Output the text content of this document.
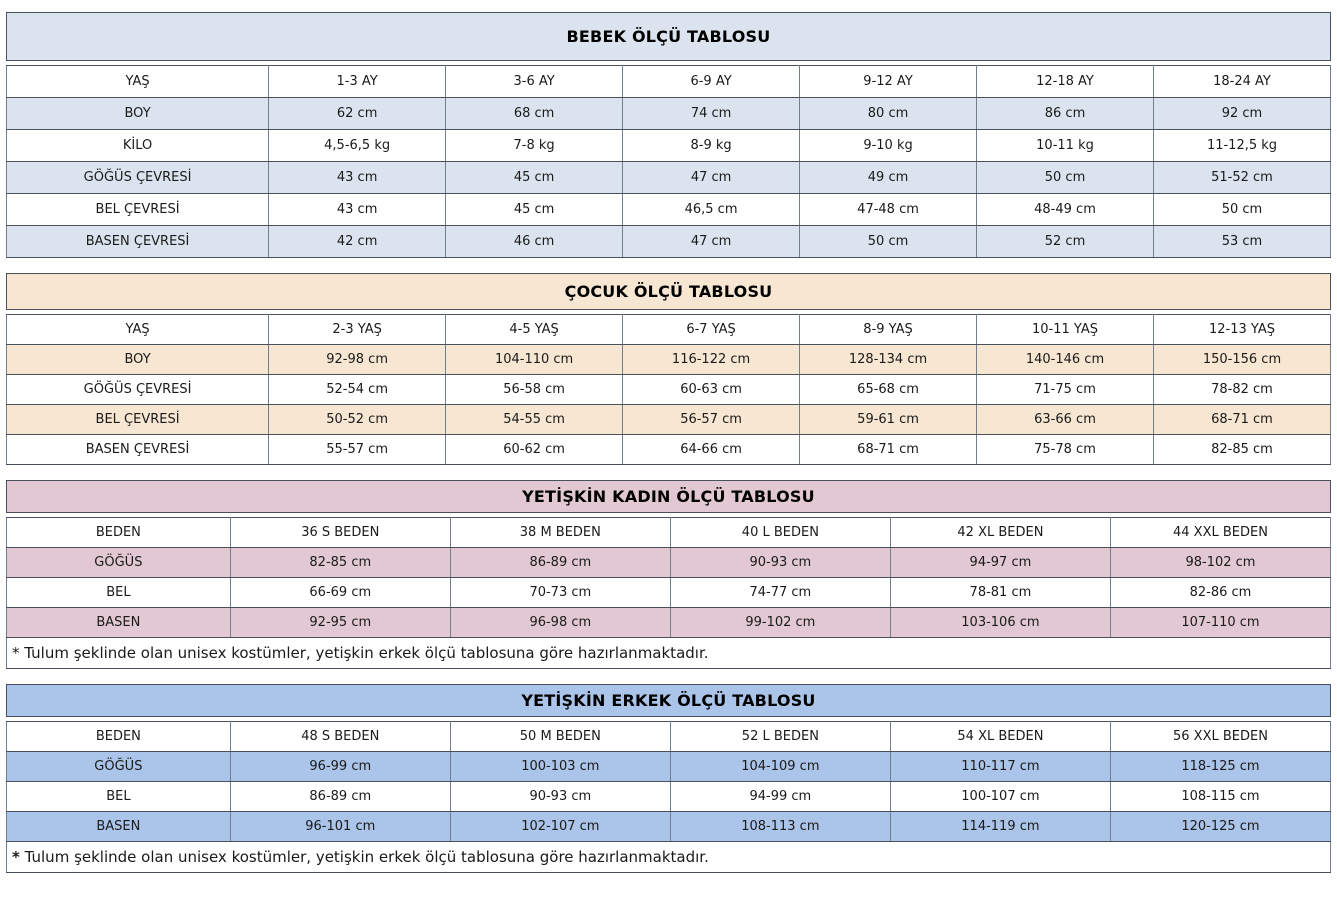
BEBEK ÖLÇÜ TABLOSU
YAŞ	1-3 AY	3-6 AY	6-9 AY	9-12 AY	12-18 AY	18-24 AY
BOY	62 cm	68 cm	74 cm	80 cm	86 cm	92 cm
KİLO	4,5-6,5 kg	7-8 kg	8-9 kg	9-10 kg	10-11 kg	11-12,5 kg
GÖĞÜS ÇEVRESİ	43 cm	45 cm	47 cm	49 cm	50 cm	51-52 cm
BEL ÇEVRESİ	43 cm	45 cm	46,5 cm	47-48 cm	48-49 cm	50 cm
BASEN ÇEVRESİ	42 cm	46 cm	47 cm	50 cm	52 cm	53 cm
ÇOCUK ÖLÇÜ TABLOSU
YAŞ	2-3 YAŞ	4-5 YAŞ	6-7 YAŞ	8-9 YAŞ	10-11 YAŞ	12-13 YAŞ
BOY	92-98 cm	104-110 cm	116-122 cm	128-134 cm	140-146 cm	150-156 cm
GÖĞÜS ÇEVRESİ	52-54 cm	56-58 cm	60-63 cm	65-68 cm	71-75 cm	78-82 cm
BEL ÇEVRESİ	50-52 cm	54-55 cm	56-57 cm	59-61 cm	63-66 cm	68-71 cm
BASEN ÇEVRESİ	55-57 cm	60-62 cm	64-66 cm	68-71 cm	75-78 cm	82-85 cm
YETİŞKİN KADIN ÖLÇÜ TABLOSU
BEDEN	36 S BEDEN	38 M BEDEN	40 L BEDEN	42 XL BEDEN	44 XXL BEDEN
GÖĞÜS	82-85 cm	86-89 cm	90-93 cm	94-97 cm	98-102 cm
BEL	66-69 cm	70-73 cm	74-77 cm	78-81 cm	82-86 cm
BASEN	92-95 cm	96-98 cm	99-102 cm	103-106 cm	107-110 cm
* Tulum şeklinde olan unisex kostümler, yetişkin erkek ölçü tablosuna göre hazırlanmaktadır.					
YETİŞKİN ERKEK ÖLÇÜ TABLOSU
BEDEN	48 S BEDEN	50 M BEDEN	52 L BEDEN	54 XL BEDEN	56 XXL BEDEN
GÖĞÜS	96-99 cm	100-103 cm	104-109 cm	110-117 cm	118-125 cm
BEL	86-89 cm	90-93 cm	94-99 cm	100-107 cm	108-115 cm
BASEN	96-101 cm	102-107 cm	108-113 cm	114-119 cm	120-125 cm
* Tulum şeklinde olan unisex kostümler, yetişkin erkek ölçü tablosuna göre hazırlanmaktadır.					
